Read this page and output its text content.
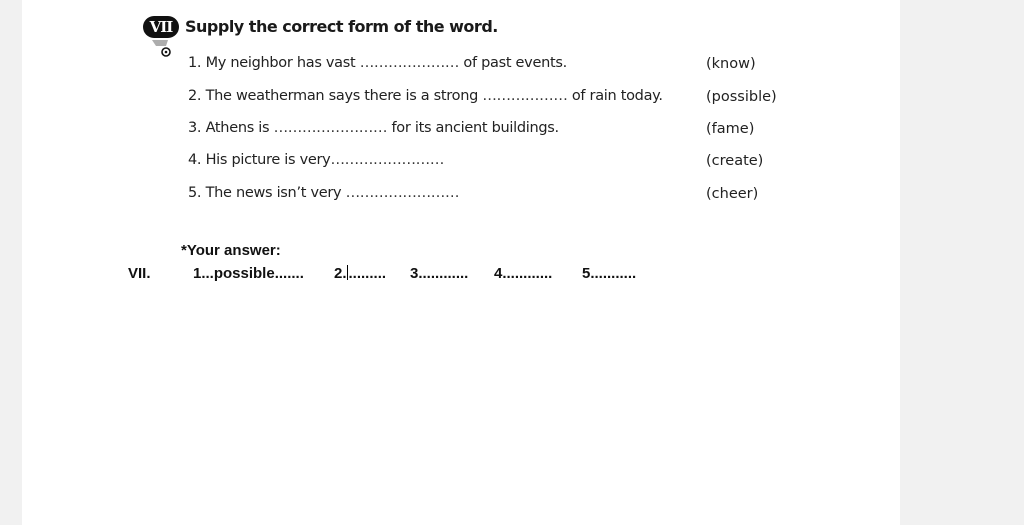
VII Supply the correct form of the word.
1. My neighbor has vast ………………… of past events.	(know)
2. The weatherman says there is a strong ……………… of rain today.	(possible)
3. Athens is …………………… for its ancient buildings.	(fame)
4. His picture is very……………………	(create)
5. The news isn’t very ……………………	(cheer)
*Your answer:
VII.	1...possible....... 2. ......... 3............ 4............ 5...........
